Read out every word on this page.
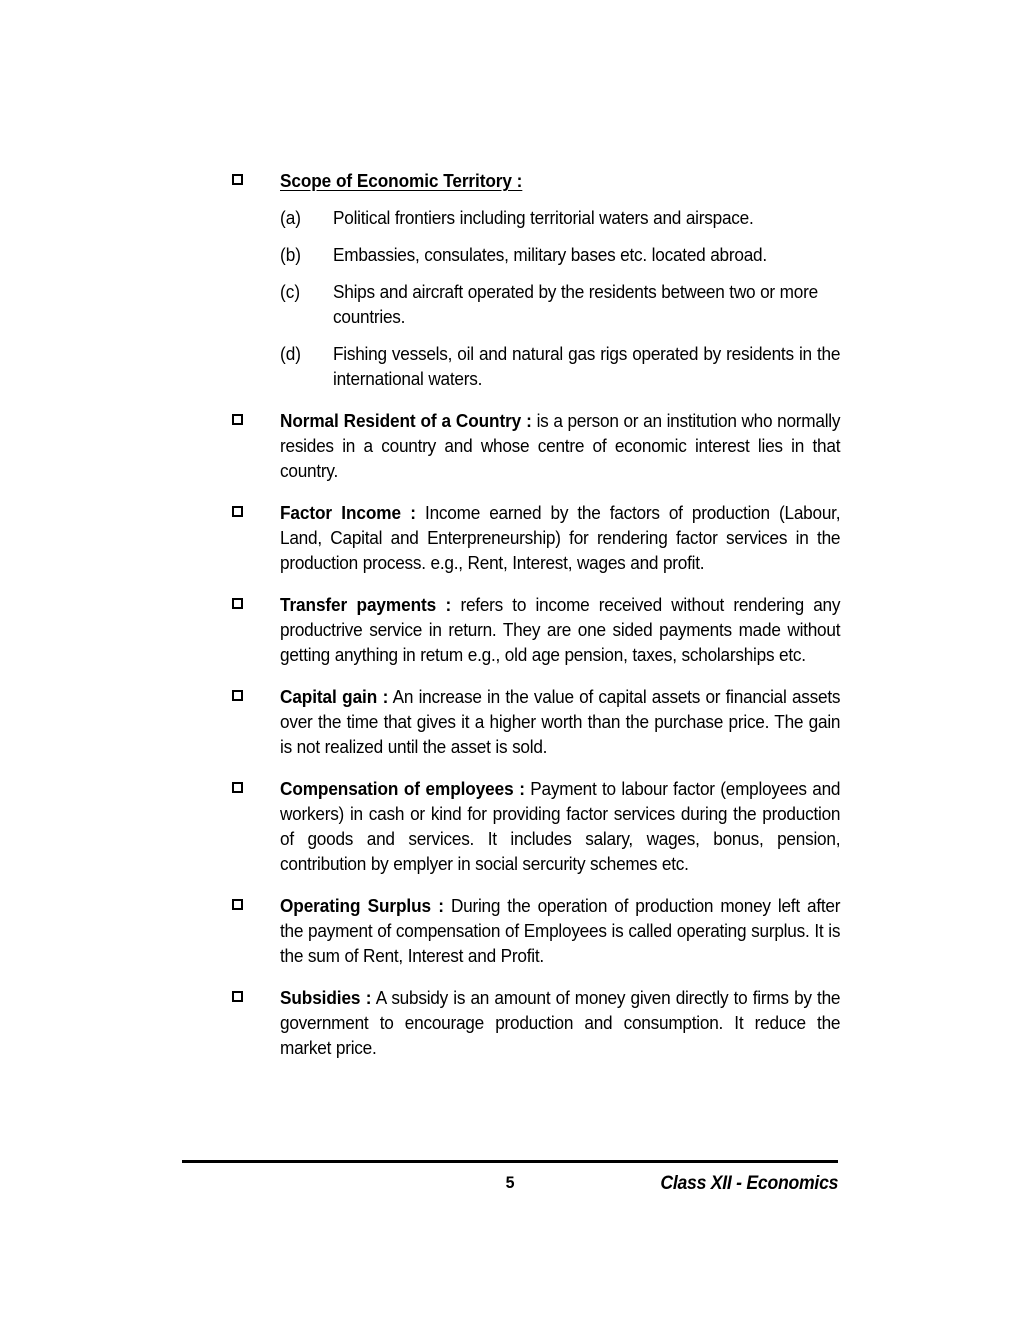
Scope of Economic Territory :
(a) Political frontiers including territorial waters and airspace.
(b) Embassies, consulates, military bases etc. located abroad.
(c) Ships and aircraft operated by the residents between two or more countries.
(d) Fishing vessels, oil and natural gas rigs operated by residents in the international waters.
Normal Resident of a Country : is a person or an institution who normally resides in a country and whose centre of economic interest lies in that country.
Factor Income : Income earned by the factors of production (Labour, Land, Capital and Enterpreneurship) for rendering factor services in the production process. e.g., Rent, Interest, wages and profit.
Transfer payments : refers to income received without rendering any productrive service in return. They are one sided payments made without getting anything in retum e.g., old age pension, taxes, scholarships etc.
Capital gain : An increase in the value of capital assets or financial assets over the time that gives it a higher worth than the purchase price. The gain is not realized until the asset is sold.
Compensation of employees : Payment to labour factor (employees and workers) in cash or kind for providing factor services during the production of goods and services. It includes salary, wages, bonus, pension, contribution by emplyer in social sercurity schemes etc.
Operating Surplus : During the operation of production money left after the payment of compensation of Employees is called operating surplus. It is the sum of Rent, Interest and Profit.
Subsidies : A subsidy is an amount of money given directly to firms by the government to encourage production and consumption. It reduce the market price.
5	Class XII - Economics
